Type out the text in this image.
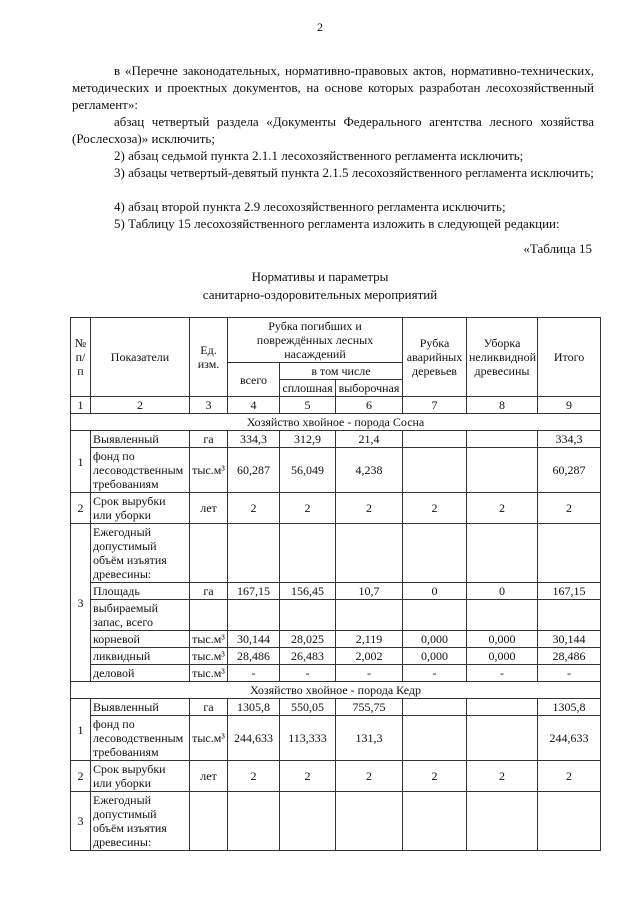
2
в «Перечне законодательных, нормативно-правовых актов, нормативно-технических, методических и проектных документов, на основе которых разработан лесохозяйственный регламент»:
абзац четвертый раздела «Документы Федерального агентства лесного хозяйства (Рослесхоза)» исключить;
2) абзац седьмой пункта 2.1.1 лесохозяйственного регламента исключить;
3) абзацы четвертый-девятый пункта 2.1.5 лесохозяйственного регламента исключить;
4) абзац второй пункта 2.9 лесохозяйственного регламента исключить;
5) Таблицу 15 лесохозяйственного регламента изложить в следующей редакции:
«Таблица 15
Нормативы и параметры
санитарно-оздоровительных мероприятий
№ п/п	Показатели	Ед. изм.	Рубка погибших и повреждённых лесных насаждений			Рубка аварийных деревьев	Уборка неликвидной древесины	Итого
			всего	в том числе				
				сплошная	выборочная			
1	2	3	4	5	6	7	8	9
Хозяйство хвойное - порода Сосна								
1	Выявленный	га	334,3	312,9	21,4			334,3
	фонд по лесоводственным требованиям	тыс.м³	60,287	56,049	4,238			60,287
2	Срок вырубки или уборки	лет	2	2	2	2	2	2
3	Ежегодный допустимый объём изъятия древесины:							
	Площадь	га	167,15	156,45	10,7	0	0	167,15
	выбираемый запас, всего							
	корневой	тыс.м³	30,144	28,025	2,119	0,000	0,000	30,144
	ликвидный	тыс.м³	28,486	26,483	2,002	0,000	0,000	28,486
	деловой	тыс.м³	-	-	-	-	-	-
Хозяйство хвойное - порода Кедр								
1	Выявленный	га	1305,8	550,05	755,75			1305,8
	фонд по лесоводственным требованиям	тыс.м³	244,633	113,333	131,3			244,633
2	Срок вырубки или уборки	лет	2	2	2	2	2	2
3	Ежегодный допустимый объём изъятия древесины:							
